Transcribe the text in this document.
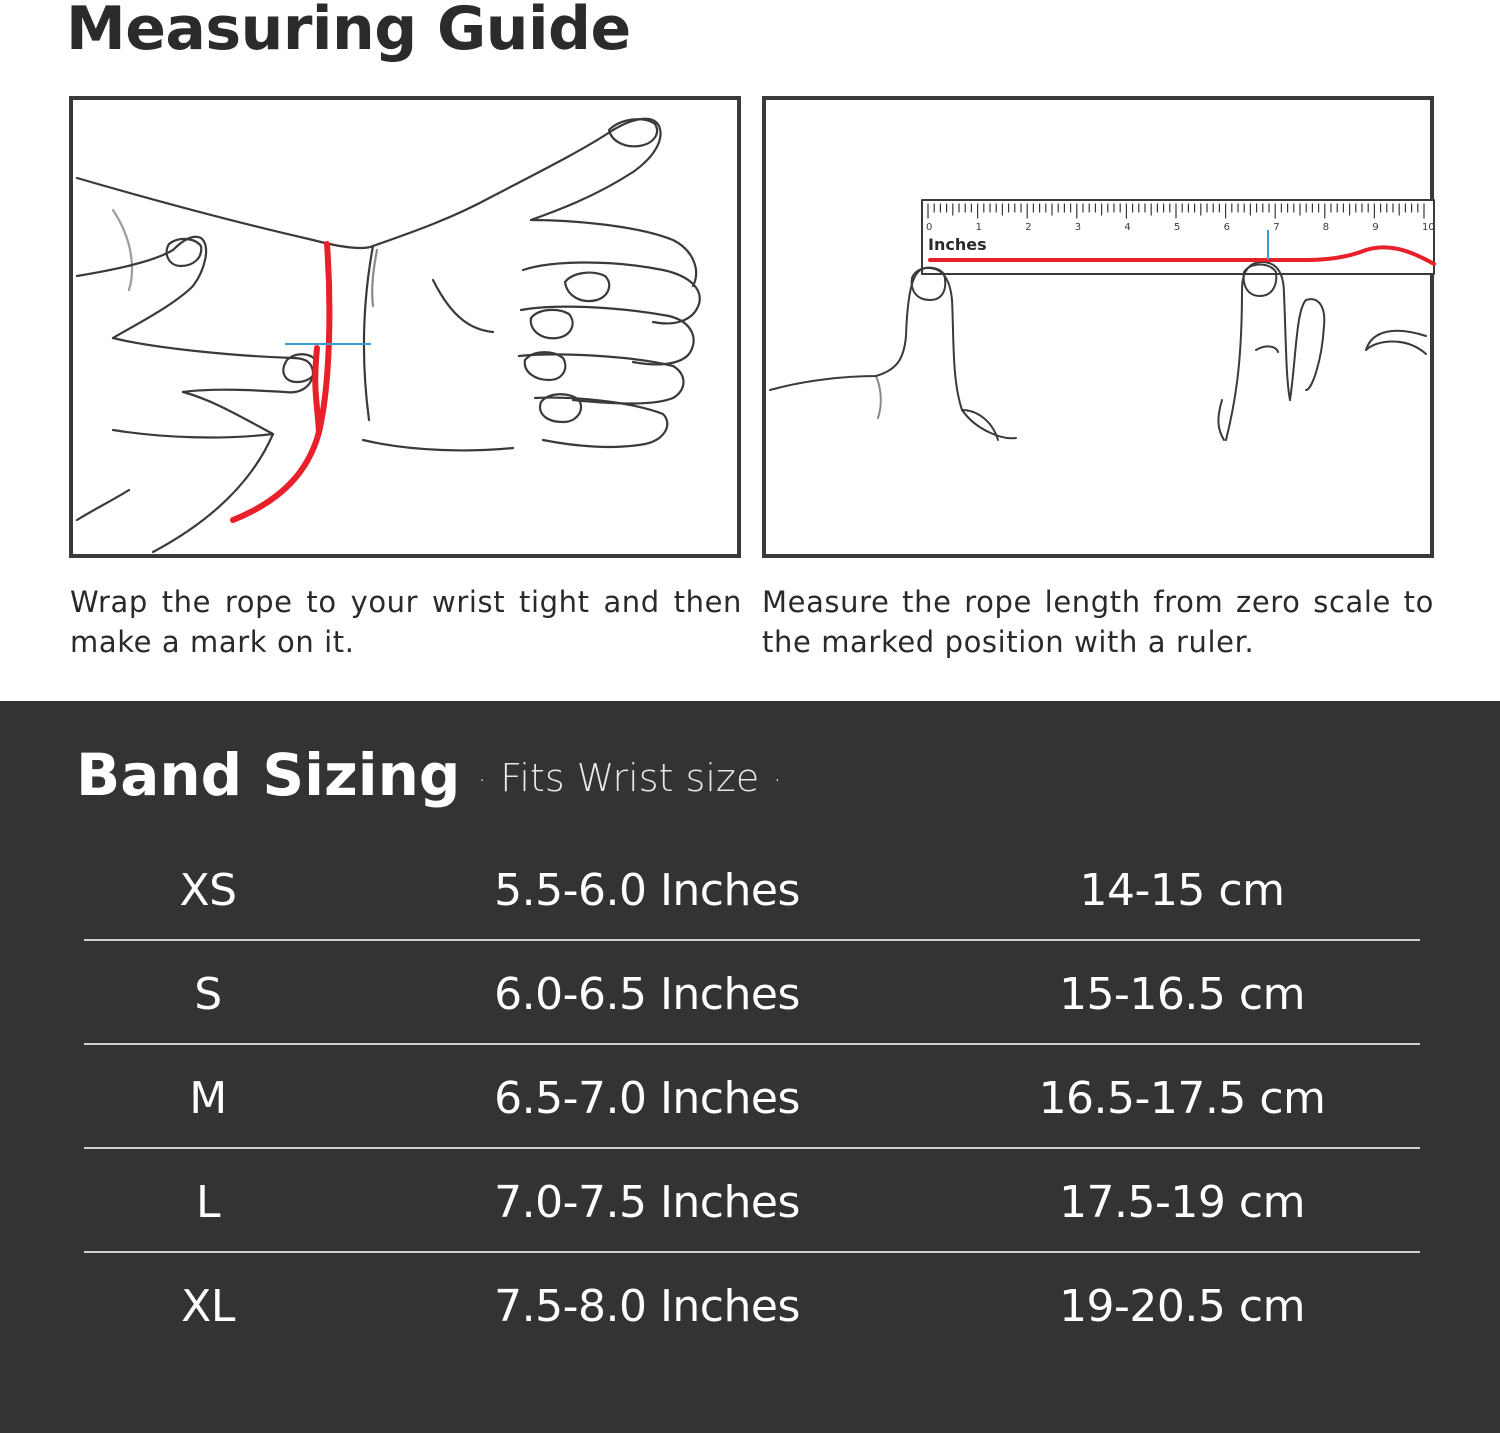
Measuring Guide
Inches
0	1	2	3	4	5	6	7	8	9	10
Wrap the rope to your wrist tight and then make a mark on it.
Measure the rope length from zero scale to the marked position with a ruler.
Band Sizing · Fits Wrist size ·
XS	5.5-6.0 Inches	14-15 cm
S	6.0-6.5 Inches	15-16.5 cm
M	6.5-7.0 Inches	16.5-17.5 cm
L	7.0-7.5 Inches	17.5-19 cm
XL	7.5-8.0 Inches	19-20.5 cm
